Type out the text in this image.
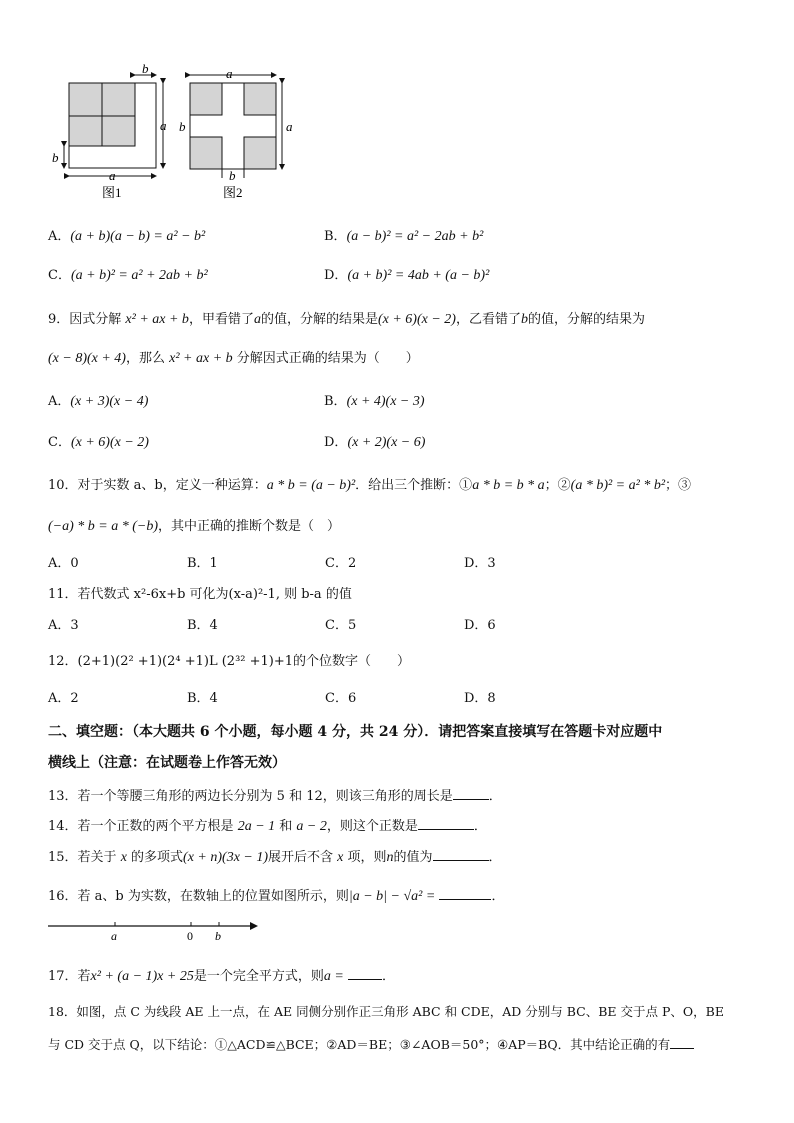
b
a
b
a
图1
a
a
b
b
图2
A．(a + b)(a − b) = a² − b²	B．(a − b)² = a² − 2ab + b²
C．(a + b)² = a² + 2ab + b²	D．(a + b)² = 4ab + (a − b)²
9．因式分解 x² + ax + b，甲看错了a的值，分解的结果是(x + 6)(x − 2)，乙看错了b的值，分解的结果为
(x − 8)(x + 4)，那么 x² + ax + b 分解因式正确的结果为（　　）
A．(x + 3)(x − 4)	B．(x + 4)(x − 3)
C．(x + 6)(x − 2)	D．(x + 2)(x − 6)
10．对于实数 a、b，定义一种运算：a * b = (a − b)²．给出三个推断：①a * b = b * a；②(a * b)² = a² * b²；③
(−a) * b = a * (−b)，其中正确的推断个数是（　）
A．0	B．1	C．2	D．3
11．若代数式 x²-6x+b 可化为(x-a)²-1, 则 b-a 的值
A．3	B．4	C．5	D．6
12．(2+1)(2² +1)(2⁴ +1)L (2³² +1)+1的个位数字（　　）
A．2	B．4	C．6	D．8
二、填空题：（本大题共 6 个小题，每小题 4 分，共 24 分）．请把答案直接填写在答题卡对应题中
横线上（注意：在试题卷上作答无效）
13．若一个等腰三角形的两边长分别为 5 和 12，则该三角形的周长是	．
14．若一个正数的两个平方根是 2a − 1 和 a − 2，则这个正数是	．
15．若关于 x 的多项式(x + n)(3x − 1)展开后不含 x 项，则n的值为	．
16．若 a、b 为实数，在数轴上的位置如图所示，则|a − b| − √a² =	．
a	0 b
17．若x² + (a − 1)x + 25是一个完全平方式，则a =	．
18．如图，点 C 为线段 AE 上一点，在 AE 同侧分别作正三角形 ABC 和 CDE，AD 分别与 BC、BE 交于点 P、O，BE
与 CD 交于点 Q，以下结论：①△ACD≌△BCE；②AD＝BE；③∠AOB＝50°；④AP＝BQ．其中结论正确的有
